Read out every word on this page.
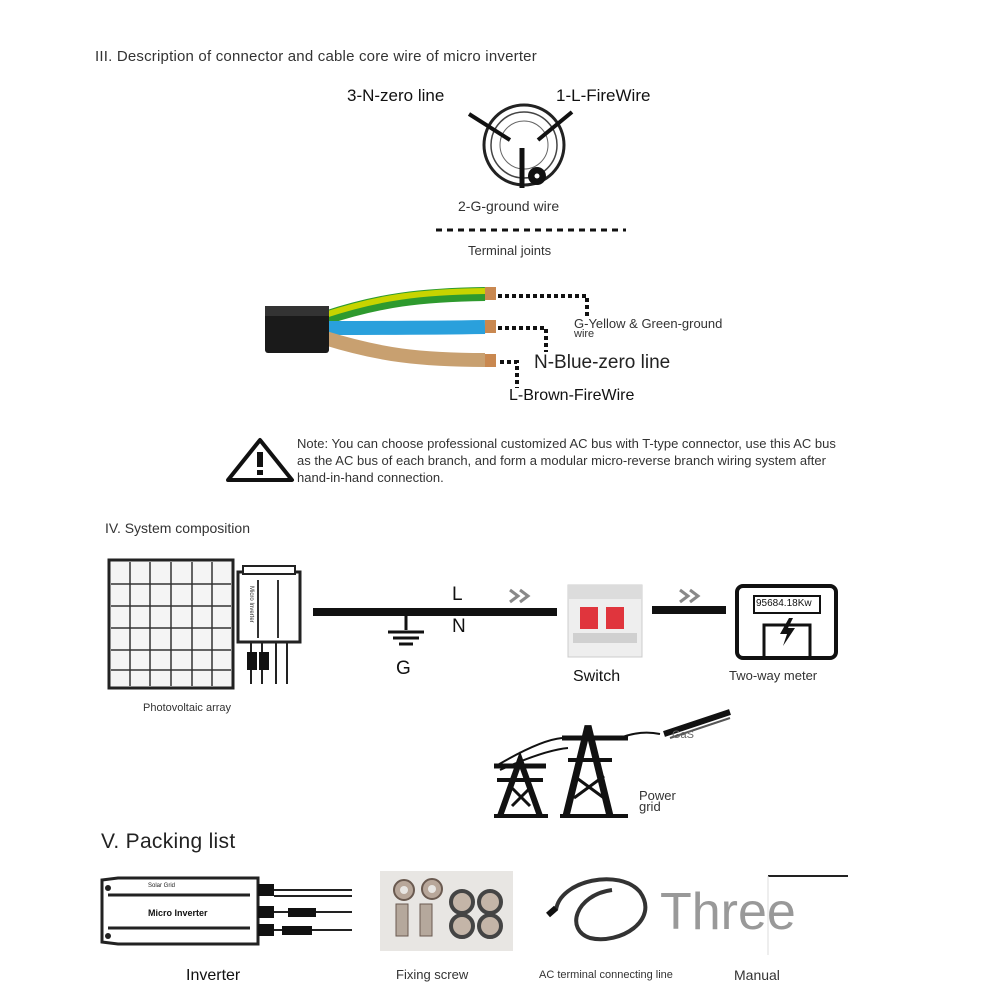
III. Description of connector and cable core wire of micro inverter
3-N-zero line	1-L-FireWire
2-G-ground wire
Terminal joints
G-Yellow & Green-ground
wire
N-Blue-zero line
L-Brown-FireWire
Note: You can choose professional customized AC bus with T-type connector, use this AC bus as the AC bus of each branch, and form a modular micro-reverse branch wiring system after hand-in-hand connection.
IV. System composition
Photovoltaic array
Micro Inverter	L
N
G	Switch
95684.18Kw
Two-way meter
GaS
Power
grid
V. Packing list
Solar Grid
Micro Inverter	Three
Inverter	Fixing screw	AC terminal connecting line	Manual
